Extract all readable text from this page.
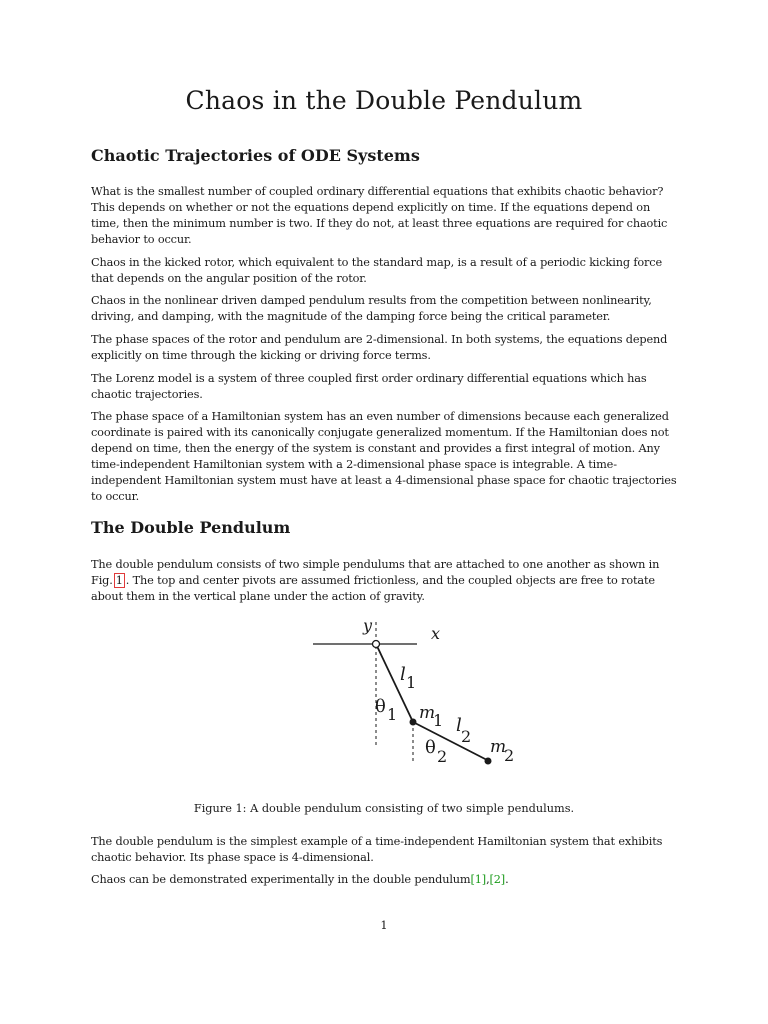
Chaos in the Double Pendulum
Chaotic Trajectories of ODE Systems

What is the smallest number of coupled ordinary differential equations that exhibits chaotic behavior? This depends on whether or not the equations depend explicitly on time. If the equations depend on time, then the minimum number is two. If they do not, at least three equations are required for chaotic behavior to occur.

Chaos in the kicked rotor, which equivalent to the standard map, is a result of a periodic kicking force that depends on the angular position of the rotor.

Chaos in the nonlinear driven damped pendulum results from the competition between nonlinearity, driving, and damping, with the magnitude of the damping force being the critical parameter.

The phase spaces of the rotor and pendulum are 2-dimensional. In both systems, the equations depend explicitly on time through the kicking or driving force terms.

The Lorenz model is a system of three coupled first order ordinary differential equations which has chaotic trajectories.

The phase space of a Hamiltonian system has an even number of dimensions because each generalized coordinate is paired with its canonically conjugate generalized momentum. If the Hamiltonian does not depend on time, then the energy of the system is constant and provides a first integral of motion. Any time-independent Hamiltonian system with a 2-dimensional phase space is integrable. A time-independent Hamiltonian system must have at least a 4-dimensional phase space for chaotic trajectories to occur.

The Double Pendulum

The double pendulum consists of two simple pendulums that are attached to one another as shown in Fig. 1 . The top and center pivots are assumed frictionless, and the coupled objects are free to rotate about them in the vertical plane under the action of gravity.

y	x
l 1
θ 1 m
1 l
2
θ 2	m
2

Figure 1: A double pendulum consisting of two simple pendulums.

The double pendulum is the simplest example of a time-independent Hamiltonian system that exhibits chaotic behavior. Its phase space is 4-dimensional.

Chaos can be demonstrated experimentally in the double pendulum[1],[2].

1
